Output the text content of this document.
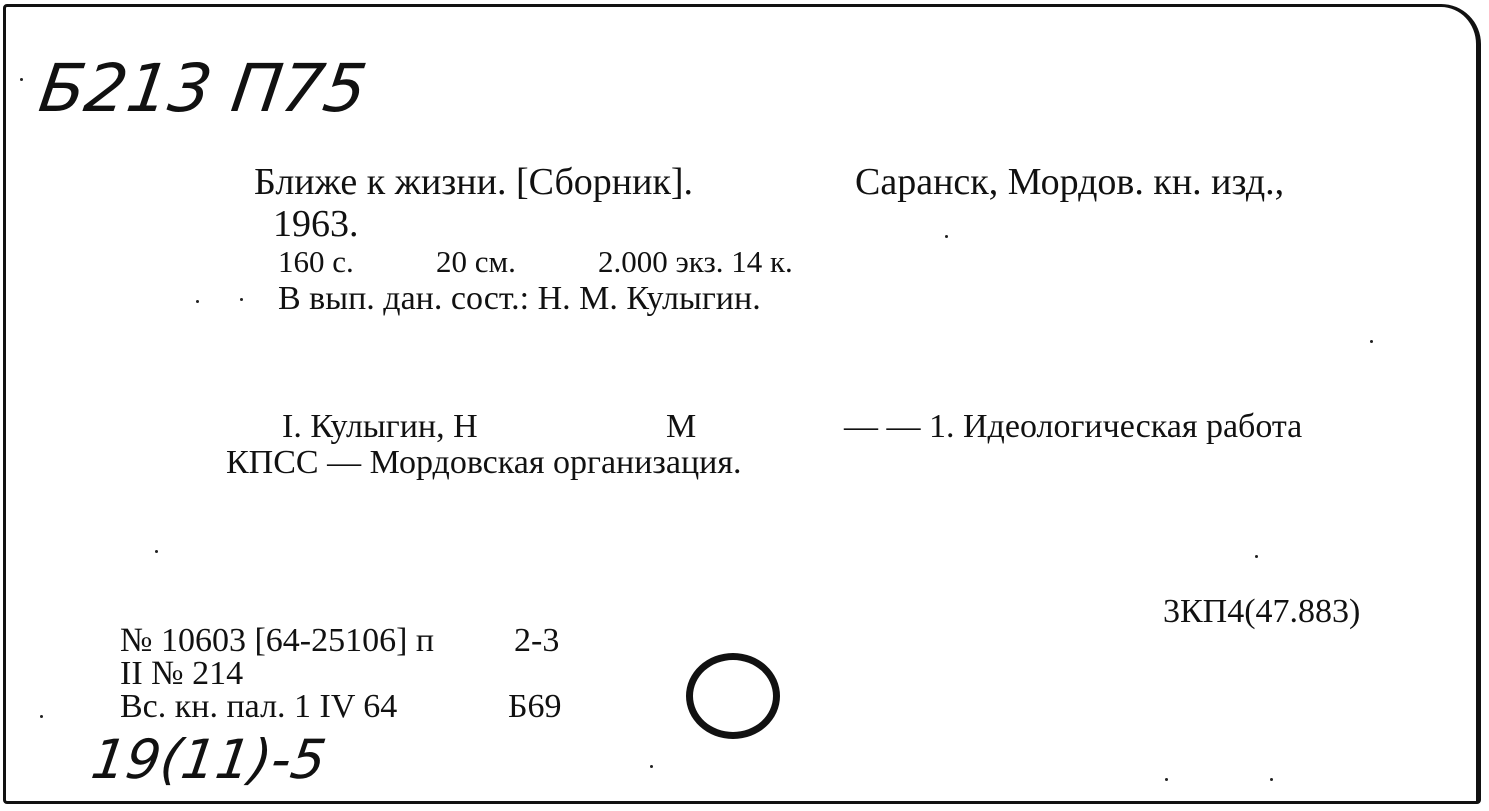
Б213 П75
Ближе к жизни. [Сборник].	Саранск, Мордов. кн. изд.,
1963.
160 с.	20 см.	2.000 экз. 14 к.
В вып. дан. сост.: Н. М. Кулыгин.
I. Кулыгин, Н	М	— — 1. Идеологическая работа
КПСС — Мордовская организация.
3КП4(47.883)
№ 10603 [64-25106] п 2-3
II № 214
Вс. кн. пал. 1 IV 64	Б69
19(11)-5
